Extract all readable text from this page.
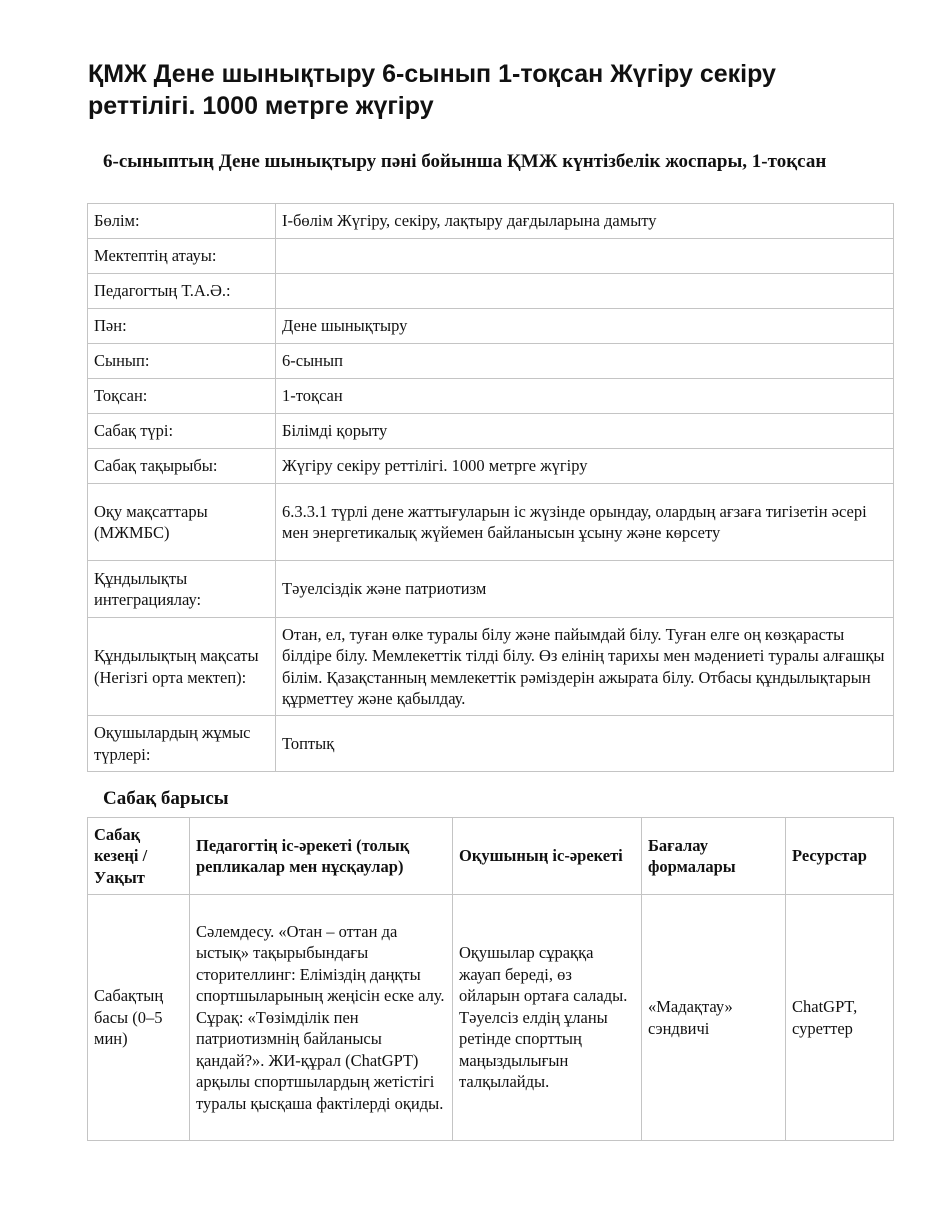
ҚМЖ Дене шынықтыру 6-сынып 1-тоқсан Жүгіру секіру реттілігі. 1000 метрге жүгіру
6-сыныптың Дене шынықтыру пәні бойынша ҚМЖ күнтізбелік жоспары, 1-тоқсан
Бөлім:	І-бөлім Жүгіру, секіру, лақтыру дағдыларына дамыту
Мектептің атауы:	
Педагогтың Т.А.Ә.:	
Пән:	Дене шынықтыру
Сынып:	6-сынып
Тоқсан:	1-тоқсан
Сабақ түрі:	Білімді қорыту
Сабақ тақырыбы:	Жүгіру секіру реттілігі. 1000 метрге жүгіру
Оқу мақсаттары (МЖМБС)	6.3.3.1 түрлі дене жаттығуларын іс жүзінде орындау, олардың ағзаға тигізетін әсері мен энергетикалық жүйемен байланысын ұсыну және көрсету
Құндылықты интеграциялау:	Тәуелсіздік және патриотизм
Құндылықтың мақсаты (Негізгі орта мектеп):	Отан, ел, туған өлке туралы білу және пайымдай білу. Туған елге оң көзқарасты білдіре білу. Мемлекеттік тілді білу. Өз елінің тарихы мен мәдениеті туралы алғашқы білім. Қазақстанның мемлекеттік рәміздерін ажырата білу. Отбасы құндылықтарын құрметтеу және қабылдау.
Оқушылардың жұмыс түрлері:	Топтық
Сабақ барысы
Сабақ кезеңі / Уақыт	Педагогтің іс-әрекеті (толық репликалар мен нұсқаулар)	Оқушының іс-әрекеті	Бағалау формалары	Ресурстар
Сабақтың басы (0–5 мин)	Сәлемдесу. «Отан – оттан да ыстық» тақырыбындағы сторителлинг: Еліміздің даңқты спортшыларының жеңісін еске алу. Сұрақ: «Төзімділік пен патриотизмнің байланысы қандай?». ЖИ-құрал (ChatGPT) арқылы спортшылардың жетістігі туралы қысқаша фактілерді оқиды.	Оқушылар сұраққа жауап береді, өз ойларын ортаға салады. Тәуелсіз елдің ұланы ретінде спорттың маңыздылығын талқылайды.	«Мадақтау» сэндвичі	ChatGPT, суреттер
